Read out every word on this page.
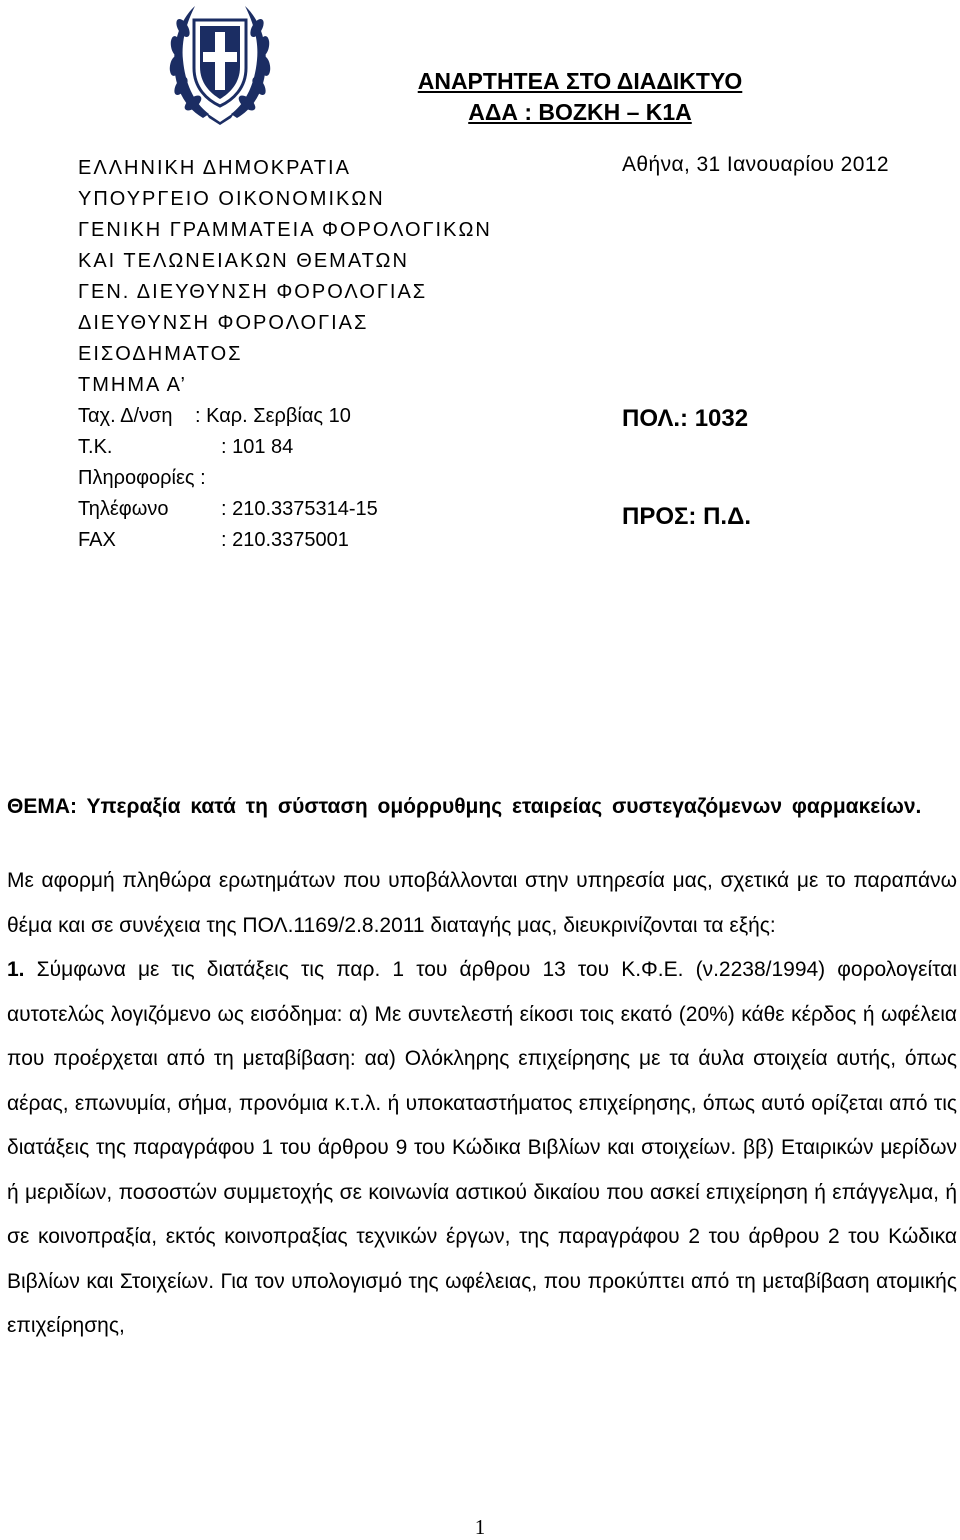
ΑΝΑΡΤΗΤΕΑ ΣΤΟ ΔΙΑΔΙΚΤΥΟ
ΑΔΑ : ΒΟΖΚΗ – Κ1Α
ΕΛΛΗΝΙΚΗ ΔΗΜΟΚΡΑΤΙΑ
ΥΠΟΥΡΓΕΙΟ ΟΙΚΟΝΟΜΙΚΩΝ
ΓΕΝΙΚΗ ΓΡΑΜΜΑΤΕΙΑ ΦΟΡΟΛΟΓΙΚΩΝ
ΚΑΙ ΤΕΛΩΝΕΙΑΚΩΝ ΘΕΜΑΤΩΝ
ΓΕΝ. ΔΙΕΥΘΥΝΣΗ ΦΟΡΟΛΟΓΙΑΣ
ΔΙΕΥΘΥΝΣΗ ΦΟΡΟΛΟΓΙΑΣ
ΕΙΣΟΔΗΜΑΤΟΣ
ΤΜΗΜΑ Α’
Ταχ. Δ/νση : Καρ. Σερβίας 10
Τ.Κ.	: 101 84
Πληροφορίες :
Τηλέφωνο	: 210.3375314-15
FAX	: 210.3375001
Αθήνα, 31 Ιανουαρίου 2012
ΠΟΛ.: 1032
ΠΡΟΣ: Π.Δ.
ΘΕΜΑ: Υπεραξία κατά τη σύσταση ομόρρυθμης εταιρείας συστεγαζόμενων φαρμακείων.
Με αφορμή πληθώρα ερωτημάτων που υποβάλλονται στην υπηρεσία μας, σχετικά με το παραπάνω θέμα και σε συνέχεια της ΠΟΛ.1169/2.8.2011 διαταγής μας, διευκρινίζονται τα εξής:
1. Σύμφωνα με τις διατάξεις τις παρ. 1 του άρθρου 13 του Κ.Φ.Ε. (ν.2238/1994) φορολογείται αυτοτελώς λογιζόμενο ως εισόδημα: α) Με συντελεστή είκοσι τοις εκατό (20%) κάθε κέρδος ή ωφέλεια που προέρχεται από τη μεταβίβαση: αα) Ολόκληρης επιχείρησης με τα άυλα στοιχεία αυτής, όπως αέρας, επωνυμία, σήμα, προνόμια κ.τ.λ. ή υποκαταστήματος επιχείρησης, όπως αυτό ορίζεται από τις διατάξεις της παραγράφου 1 του άρθρου 9 του Κώδικα Βιβλίων και στοιχείων. ββ) Εταιρικών μερίδων ή μεριδίων, ποσοστών συμμετοχής σε κοινωνία αστικού δικαίου που ασκεί επιχείρηση ή επάγγελμα, ή σε κοινοπραξία, εκτός κοινοπραξίας τεχνικών έργων, της παραγράφου 2 του άρθρου 2 του Κώδικα Βιβλίων και Στοιχείων. Για τον υπολογισμό της ωφέλειας, που προκύπτει από τη μεταβίβαση ατομικής επιχείρησης,
1
